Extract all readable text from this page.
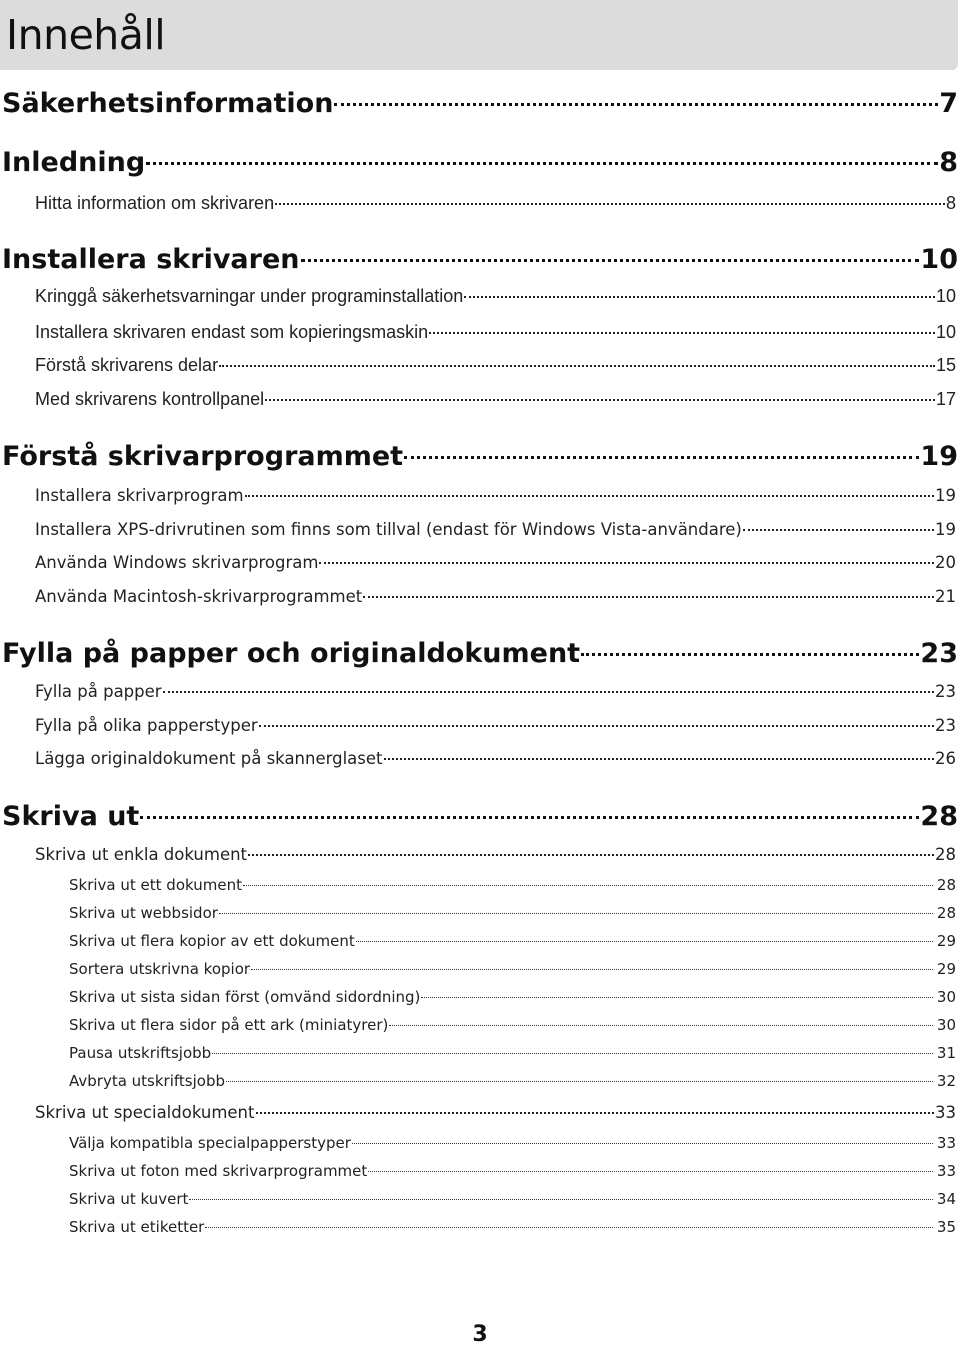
Innehåll
Säkerhetsinformation	7
Inledning	8
Hitta information om skrivaren	8
Installera skrivaren	10
Kringgå säkerhetsvarningar under programinstallation	10
Installera skrivaren endast som kopieringsmaskin	10
Förstå skrivarens delar	15
Med skrivarens kontrollpanel	17
Förstå skrivarprogrammet	19
Installera skrivarprogram	19
Installera XPS-drivrutinen som finns som tillval (endast för Windows Vista-användare)	19
Använda Windows skrivarprogram	20
Använda Macintosh-skrivarprogrammet	21
Fylla på papper och originaldokument	23
Fylla på papper	23
Fylla på olika papperstyper	23
Lägga originaldokument på skannerglaset	26
Skriva ut	28
Skriva ut enkla dokument	28
Skriva ut ett dokument	28
Skriva ut webbsidor	28
Skriva ut flera kopior av ett dokument	29
Sortera utskrivna kopior	29
Skriva ut sista sidan först (omvänd sidordning)	30
Skriva ut flera sidor på ett ark (miniatyrer)	30
Pausa utskriftsjobb	31
Avbryta utskriftsjobb	32
Skriva ut specialdokument	33
Välja kompatibla specialpapperstyper	33
Skriva ut foton med skrivarprogrammet	33
Skriva ut kuvert	34
Skriva ut etiketter	35
3
